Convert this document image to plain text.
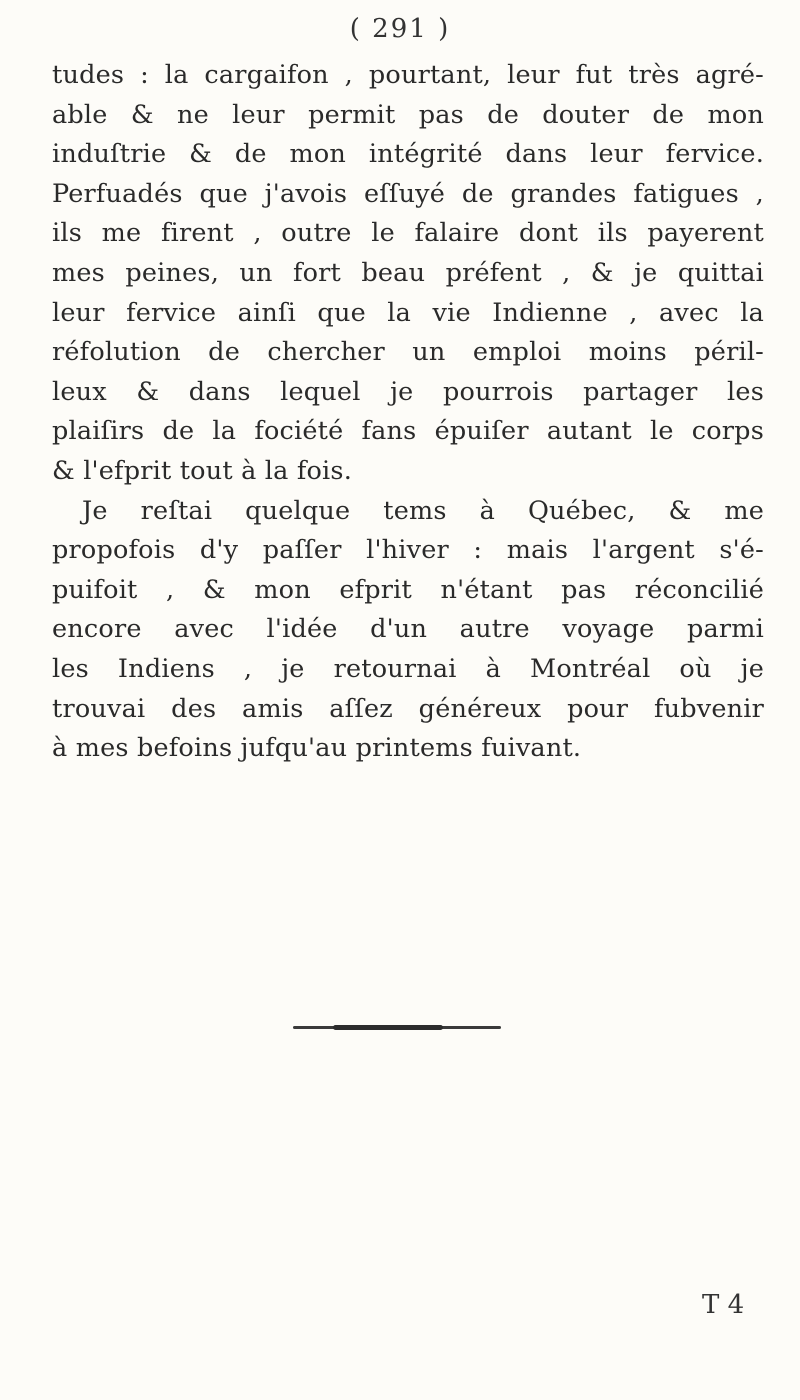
( 291 )
tudes : la cargaifon , pourtant, leur fut très agré-
able & ne leur permit pas de douter de mon
induſtrie & de mon intégrité dans leur fervice.
Perfuadés que j'avois eſſuyé de grandes fatigues ,
ils me firent , outre le falaire dont ils payerent
mes peines, un fort beau préfent , & je quittai
leur fervice ainſi que la vie Indienne , avec la
réfolution de chercher un emploi moins péril-
leux & dans lequel je pourrois partager les
plaiſirs de la fociété fans épuiſer autant le corps
& l'efprit tout à la fois.
Je reſtai quelque tems à Québec, & me
propofois d'y paſſer l'hiver : mais l'argent s'é-
puifoit , & mon efprit n'étant pas réconcilié
encore avec l'idée d'un autre voyage parmi
les Indiens , je retournai à Montréal où je
trouvai des amis aſſez généreux pour fubvenir
à mes befoins jufqu'au printems fuivant.
T 4
